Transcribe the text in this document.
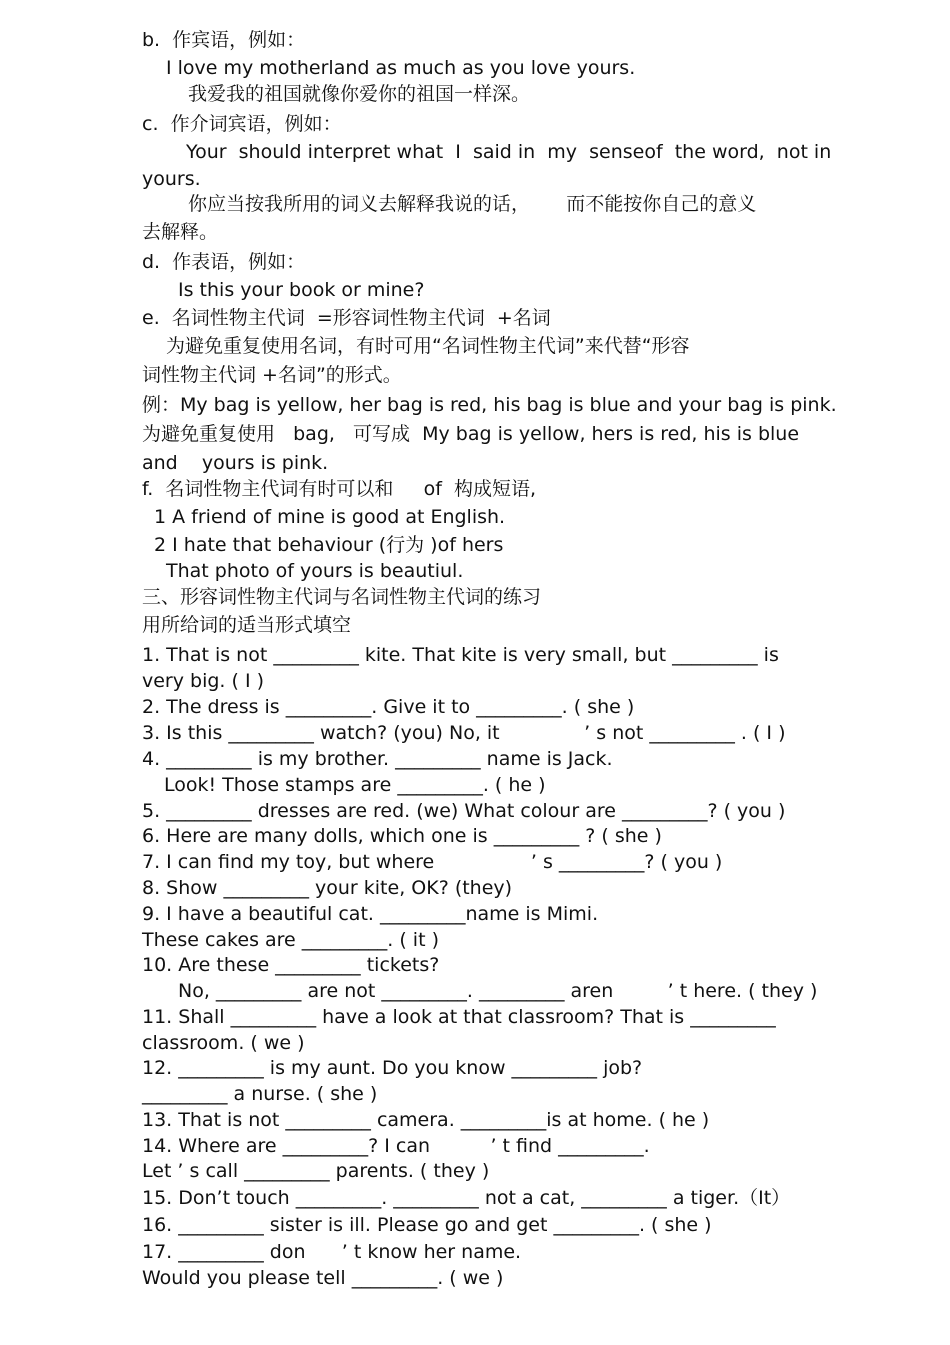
b.  作宾语，例如：
I love my motherland as much as you love yours.
我爱我的祖国就像你爱你的祖国一样深。
c.  作介词宾语，例如：
Your  should interpret what  I  said in  my  senseof  the word,  not in
yours.
你应当按我所用的词义去解释我说的话，      而不能按你自己的意义
去解释。
d.  作表语，例如：
Is this your book or mine?
e.  名词性物主代词  =形容词性物主代词  +名词
为避免重复使用名词，有时可用“名词性物主代词”来代替“形容
词性物主代词 +名词”的形式。
例：My bag is yellow, her bag is red, his bag is blue and your bag is pink.
为避免重复使用   bag,   可写成  My bag is yellow, hers is red, his is blue
and    yours is pink.
f.  名词性物主代词有时可以和     of  构成短语,
1 A friend of mine is good at English.
2 I hate that behaviour (行为 )of hers
That photo of yours is beautiul.
三、形容词性物主代词与名词性物主代词的练习
用所给词的适当形式填空
1. That is not _________ kite. That kite is very small, but _________ is
very big. ( I )
2. The dress is _________. Give it to _________. ( she )
3. Is this _________ watch? (you) No, it              ’ s not _________ . ( I )
4. _________ is my brother. _________ name is Jack.
Look! Those stamps are _________. ( he )
5. _________ dresses are red. (we) What colour are _________? ( you )
6. Here are many dolls, which one is _________ ? ( she )
7. I can find my toy, but where                ’ s _________? ( you )
8. Show _________ your kite, OK? (they)
9. I have a beautiful cat. _________name is Mimi.
These cakes are _________. ( it )
10. Are these _________ tickets?
No, _________ are not _________. _________ aren         ’ t here. ( they )
11. Shall _________ have a look at that classroom? That is _________
classroom. ( we )
12. _________ is my aunt. Do you know _________ job?
_________ a nurse. ( she )
13. That is not _________ camera. _________is at home. ( he )
14. Where are _________? I can          ’ t find _________.
Let ’ s call _________ parents. ( they )
15. Don’t touch _________. _________ not a cat, _________ a tiger.（It）
16. _________ sister is ill. Please go and get _________. ( she )
17. _________ don      ’ t know her name.
Would you please tell _________. ( we )
